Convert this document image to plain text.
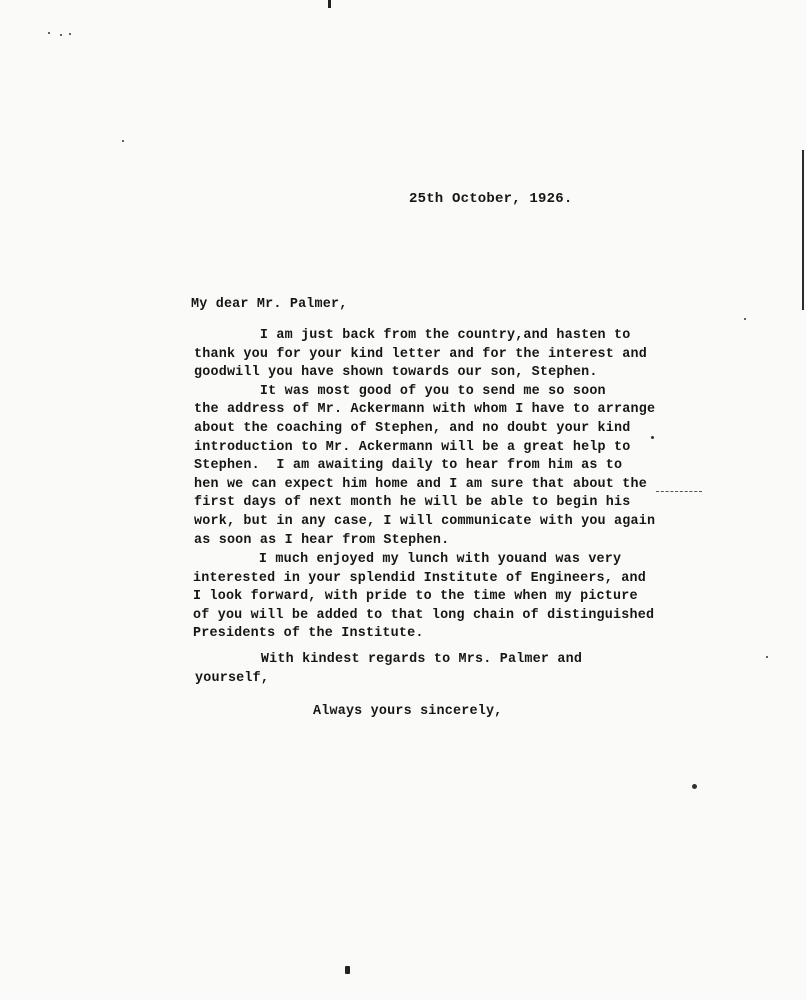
25th October, 1926.
My dear Mr. Palmer,
I am just back from the country,and hasten to
thank you for your kind letter and for the interest and
goodwill you have shown towards our son, Stephen.
It was most good of you to send me so soon
the address of Mr. Ackermann with whom I have to arrange
about the coaching of Stephen, and no doubt your kind
introduction to Mr. Ackermann will be a great help to
Stephen.  I am awaiting daily to hear from him as to
hen we can expect him home and I am sure that about the
first days of next month he will be able to begin his
work, but in any case, I will communicate with you again
as soon as I hear from Stephen.
I much enjoyed my lunch with youand was very
interested in your splendid Institute of Engineers, and
I look forward, with pride to the time when my picture
of you will be added to that long chain of distinguished
Presidents of the Institute.
With kindest regards to Mrs. Palmer and
yourself,
Always yours sincerely,
